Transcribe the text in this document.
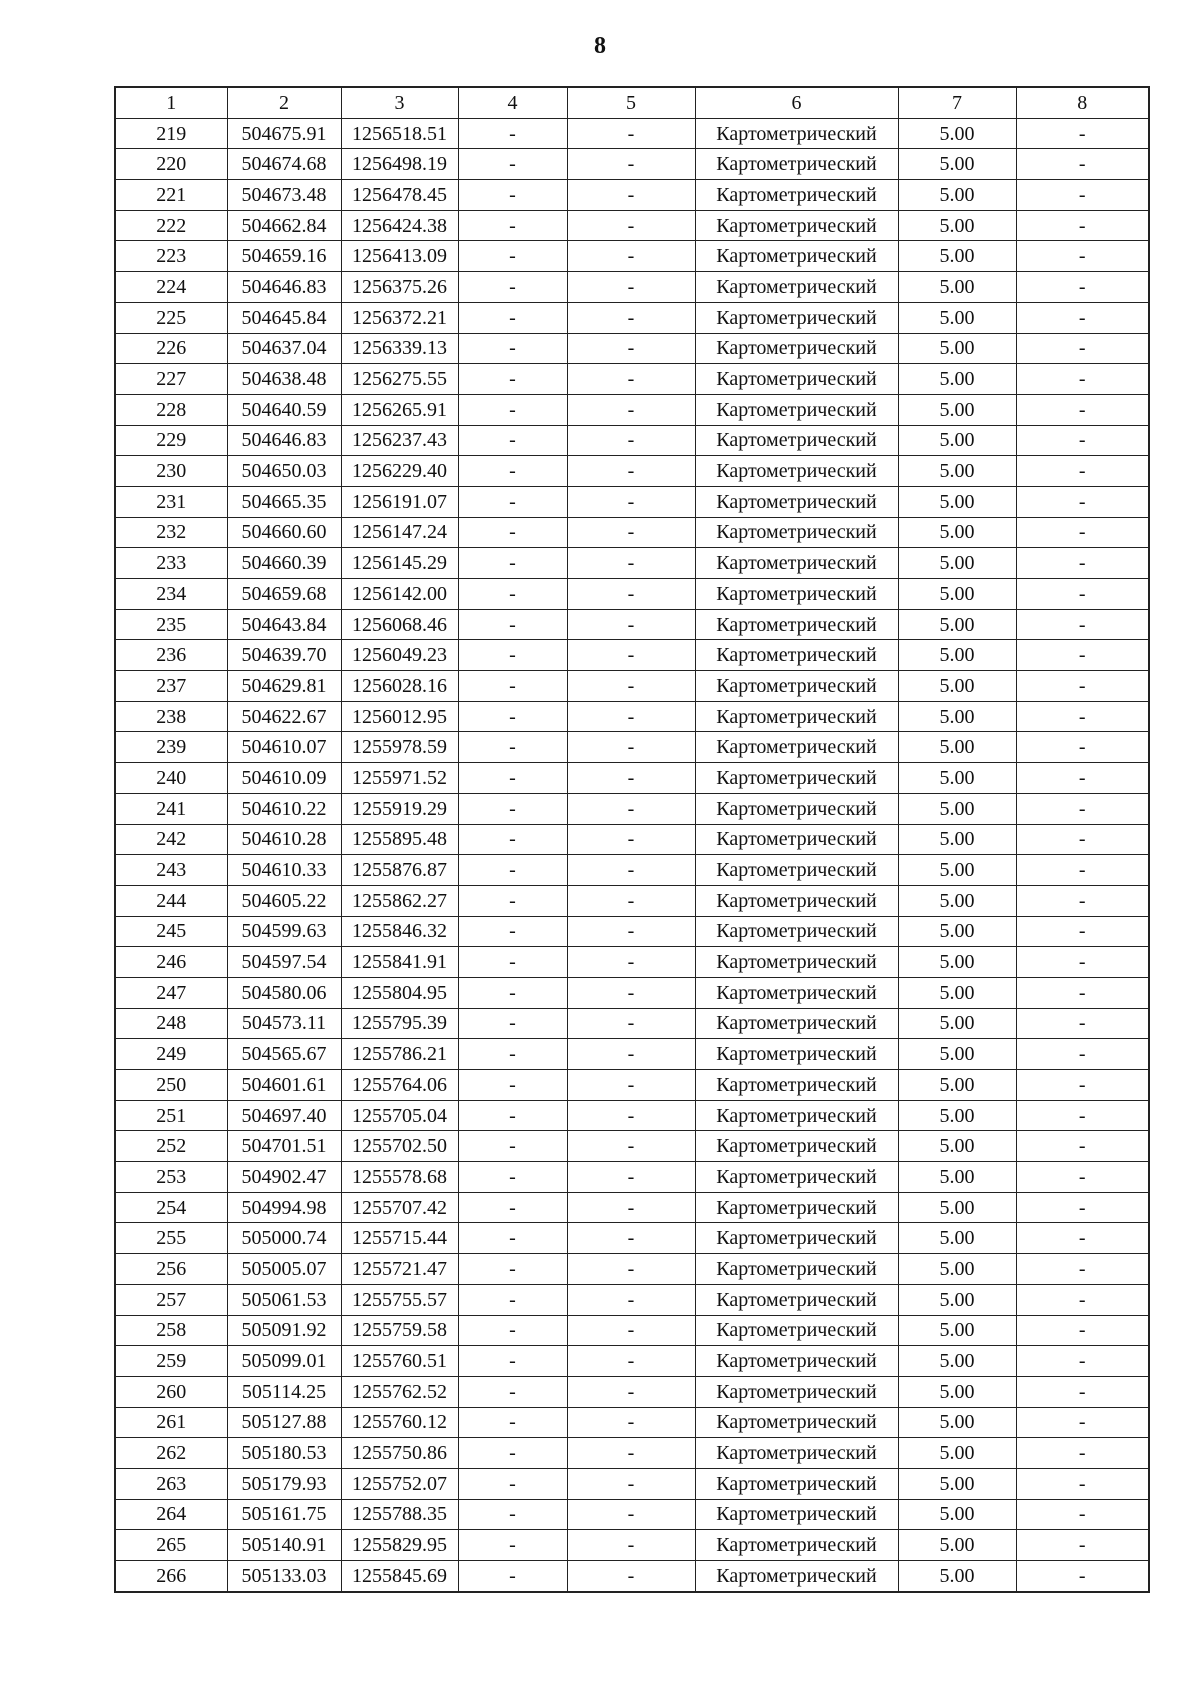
8
1	2	3	4	5	6	7	8
219	504675.91	1256518.51	-	-	Картометрический	5.00	-
220	504674.68	1256498.19	-	-	Картометрический	5.00	-
221	504673.48	1256478.45	-	-	Картометрический	5.00	-
222	504662.84	1256424.38	-	-	Картометрический	5.00	-
223	504659.16	1256413.09	-	-	Картометрический	5.00	-
224	504646.83	1256375.26	-	-	Картометрический	5.00	-
225	504645.84	1256372.21	-	-	Картометрический	5.00	-
226	504637.04	1256339.13	-	-	Картометрический	5.00	-
227	504638.48	1256275.55	-	-	Картометрический	5.00	-
228	504640.59	1256265.91	-	-	Картометрический	5.00	-
229	504646.83	1256237.43	-	-	Картометрический	5.00	-
230	504650.03	1256229.40	-	-	Картометрический	5.00	-
231	504665.35	1256191.07	-	-	Картометрический	5.00	-
232	504660.60	1256147.24	-	-	Картометрический	5.00	-
233	504660.39	1256145.29	-	-	Картометрический	5.00	-
234	504659.68	1256142.00	-	-	Картометрический	5.00	-
235	504643.84	1256068.46	-	-	Картометрический	5.00	-
236	504639.70	1256049.23	-	-	Картометрический	5.00	-
237	504629.81	1256028.16	-	-	Картометрический	5.00	-
238	504622.67	1256012.95	-	-	Картометрический	5.00	-
239	504610.07	1255978.59	-	-	Картометрический	5.00	-
240	504610.09	1255971.52	-	-	Картометрический	5.00	-
241	504610.22	1255919.29	-	-	Картометрический	5.00	-
242	504610.28	1255895.48	-	-	Картометрический	5.00	-
243	504610.33	1255876.87	-	-	Картометрический	5.00	-
244	504605.22	1255862.27	-	-	Картометрический	5.00	-
245	504599.63	1255846.32	-	-	Картометрический	5.00	-
246	504597.54	1255841.91	-	-	Картометрический	5.00	-
247	504580.06	1255804.95	-	-	Картометрический	5.00	-
248	504573.11	1255795.39	-	-	Картометрический	5.00	-
249	504565.67	1255786.21	-	-	Картометрический	5.00	-
250	504601.61	1255764.06	-	-	Картометрический	5.00	-
251	504697.40	1255705.04	-	-	Картометрический	5.00	-
252	504701.51	1255702.50	-	-	Картометрический	5.00	-
253	504902.47	1255578.68	-	-	Картометрический	5.00	-
254	504994.98	1255707.42	-	-	Картометрический	5.00	-
255	505000.74	1255715.44	-	-	Картометрический	5.00	-
256	505005.07	1255721.47	-	-	Картометрический	5.00	-
257	505061.53	1255755.57	-	-	Картометрический	5.00	-
258	505091.92	1255759.58	-	-	Картометрический	5.00	-
259	505099.01	1255760.51	-	-	Картометрический	5.00	-
260	505114.25	1255762.52	-	-	Картометрический	5.00	-
261	505127.88	1255760.12	-	-	Картометрический	5.00	-
262	505180.53	1255750.86	-	-	Картометрический	5.00	-
263	505179.93	1255752.07	-	-	Картометрический	5.00	-
264	505161.75	1255788.35	-	-	Картометрический	5.00	-
265	505140.91	1255829.95	-	-	Картометрический	5.00	-
266	505133.03	1255845.69	-	-	Картометрический	5.00	-
